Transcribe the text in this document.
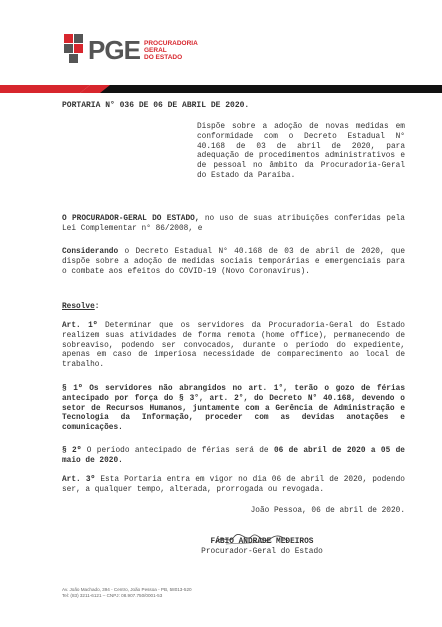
PGE PROCURADORIA
GERAL
DO ESTADO

PORTARIA N° 036 DE 06 DE ABRIL DE 2020.

Dispõe sobre a adoção de novas medidas em conformidade com o Decreto Estadual N° 40.168 de 03 de abril de 2020, para adequação de procedimentos administrativos e de pessoal no âmbito da Procuradoria-Geral do Estado da Paraíba.

O PROCURADOR-GERAL DO ESTADO, no uso de suas atribuições conferidas pela Lei Complementar n° 86/2008, e

Considerando o Decreto Estadual N° 40.168 de 03 de abril de 2020, que dispõe sobre a adoção de medidas sociais temporárias e emergenciais para o combate aos efeitos do COVID-19 (Novo Coronavírus).

Resolve:

Art. 1º Determinar que os servidores da Procuradoria-Geral do Estado realizem suas atividades de forma remota (home office), permanecendo de sobreaviso, podendo ser convocados, durante o período do expediente, apenas em caso de imperiosa necessidade de comparecimento ao local de trabalho.

§ 1º Os servidores não abrangidos no art. 1°, terão o gozo de férias antecipado por força do § 3°, art. 2°, do Decreto N° 40.168, devendo o setor de Recursos Humanos, juntamente com a Gerência de Administração e Tecnologia da Informação, proceder com as devidas anotações e comunicações.

§ 2º O período antecipado de férias será de 06 de abril de 2020 a 05 de maio de 2020.

Art. 3º Esta Portaria entra em vigor no dia 06 de abril de 2020, podendo ser, a qualquer tempo, alterada, prorrogada ou revogada.

João Pessoa, 06 de abril de 2020.

FÁBIO ANDRADE MEDEIROS

Procurador-Geral do Estado

Av. João Machado, 394 - Centro, João Pessoa - PB, 58013-520
Tel: (83) 3211-6121 – CNPJ: 08.907.750/0001-53
